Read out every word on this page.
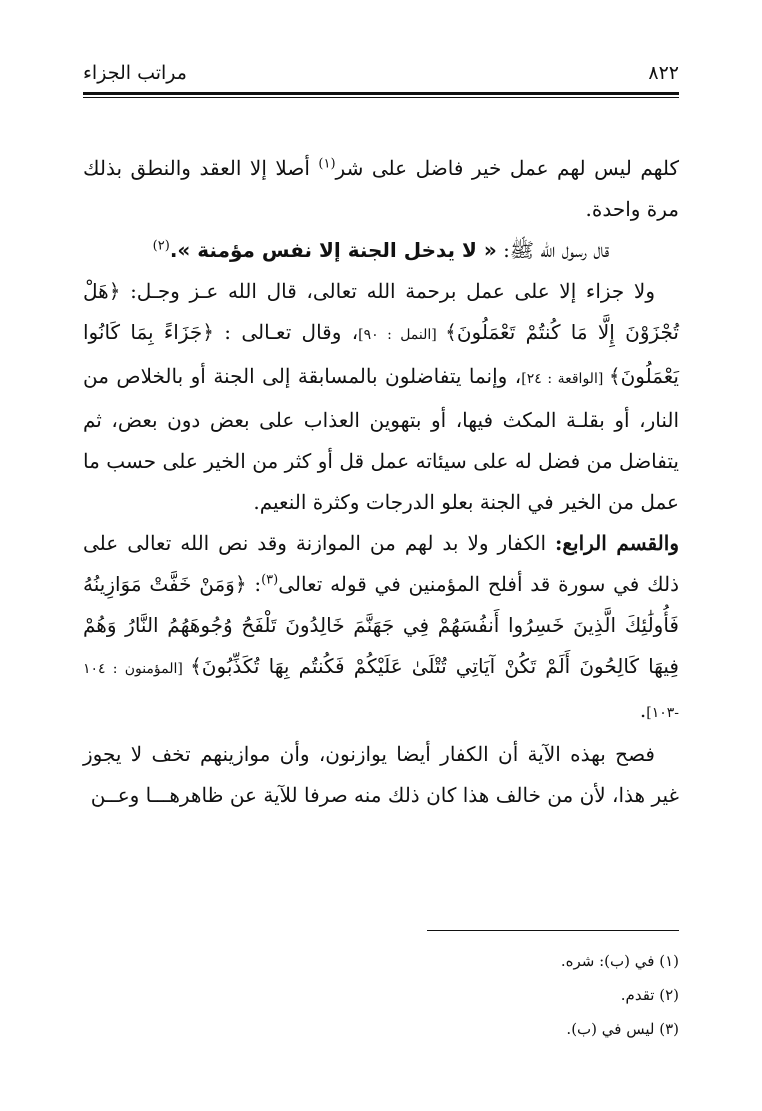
٨٢٢
مراتب الجزاء

كلهم ليس لهم عمل خير فاضل على شر$^{(١)}$ أصلا إلا العقد والنطق بذلك مرة واحدة.

قال رسول الله ﷺ: « لا يدخل الجنة إلا نفس مؤمنة ».$^{(٢)}$

ولا جزاء إلا على عمل برحمة الله تعالى، قال الله عـز وجـل: ﴿هَلْ تُجْزَوْنَ إِلَّا مَا كُنتُمْ تَعْمَلُونَ﴾ [النمل : ٩٠]، وقال تعـالى : ﴿جَزَاءً بِمَا كَانُوا يَعْمَلُونَ﴾ [الواقعة : ٢٤]، وإنما يتفاضلون بالمسابقة إلى الجنة أو بالخلاص من النار، أو بقلـة المكث فيها، أو بتهوين العذاب على بعض دون بعض، ثم يتفاضل من فضل له على سيئاته عمل قل أو كثر من الخير على حسب ما عمل من الخير في الجنة بعلو الدرجات وكثرة النعيم.

والقسم الرابع: الكفار ولا بد لهم من الموازنة وقد نص الله تعالى على ذلك في سورة قد أفلح المؤمنين في قوله تعالى$^{(٣)}$: ﴿وَمَنْ خَفَّتْ مَوَازِينُهُ فَأُولَٰئِكَ الَّذِينَ خَسِرُوا أَنفُسَهُمْ فِي جَهَنَّمَ خَالِدُونَ تَلْفَحُ وُجُوهَهُمُ النَّارُ وَهُمْ فِيهَا كَالِحُونَ أَلَمْ تَكُنْ آيَاتِي تُتْلَىٰ عَلَيْكُمْ فَكُنتُم بِهَا تُكَذِّبُونَ﴾ [المؤمنون : ١٠٤ -١٠٣].

فصح بهذه الآية أن الكفار أيضا يوازنون، وأن موازينهم تخف لا يجوز غير هذا، لأن من خالف هذا كان ذلك منه صرفا للآية عن ظاهرهـــا وعــن

(١) في (ب): شره.
(٢) تقدم.
(٣) ليس في (ب).
